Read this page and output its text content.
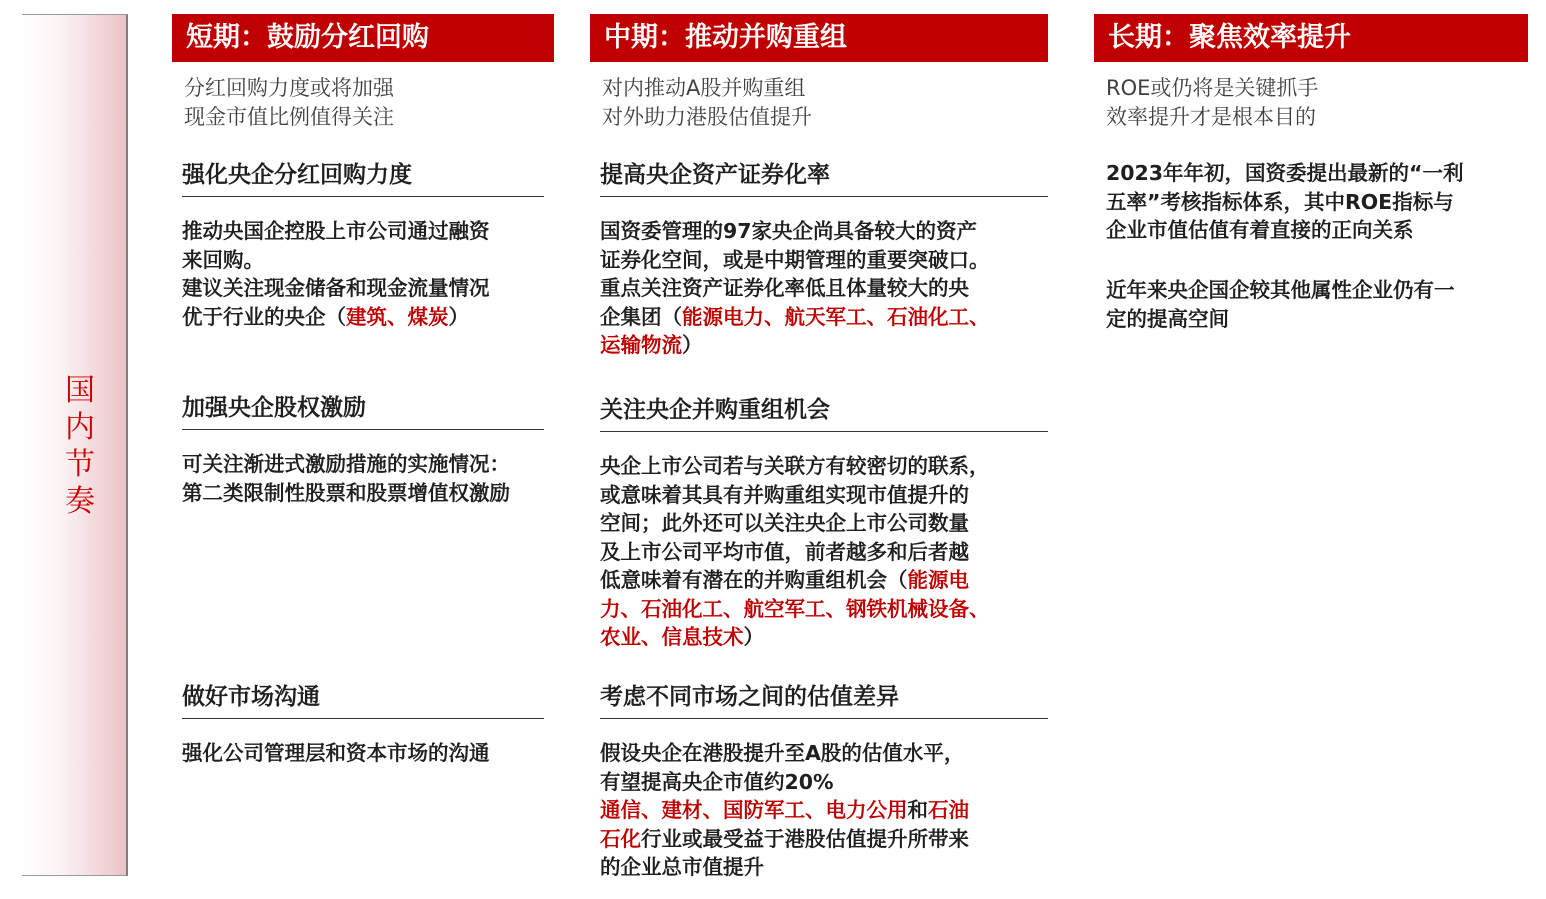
国内节奏
短期：鼓励分红回购
分红回购力度或将加强
现金市值比例值得关注
强化央企分红回购力度
推动央国企控股上市公司通过融资
来回购。
建议关注现金储备和现金流量情况
优于行业的央企（建筑、煤炭）
加强央企股权激励
可关注渐进式激励措施的实施情况：
第二类限制性股票和股票增值权激励
做好市场沟通
强化公司管理层和资本市场的沟通
中期：推动并购重组
对内推动A股并购重组
对外助力港股估值提升
提高央企资产证券化率
国资委管理的97家央企尚具备较大的资产
证券化空间，或是中期管理的重要突破口。
重点关注资产证券化率低且体量较大的央
企集团（能源电力、航天军工、石油化工、
运输物流）
关注央企并购重组机会
央企上市公司若与关联方有较密切的联系，
或意味着其具有并购重组实现市值提升的
空间；此外还可以关注央企上市公司数量
及上市公司平均市值，前者越多和后者越
低意味着有潜在的并购重组机会（能源电
力、石油化工、航空军工、钢铁机械设备、
农业、信息技术）
考虑不同市场之间的估值差异
假设央企在港股提升至A股的估值水平，
有望提高央企市值约20%
通信、建材、国防军工、电力公用和石油
石化行业或最受益于港股估值提升所带来
的企业总市值提升
长期：聚焦效率提升
ROE或仍将是关键抓手
效率提升才是根本目的
2023年年初，国资委提出最新的“一利
五率”考核指标体系，其中ROE指标与
企业市值估值有着直接的正向关系
近年来央企国企较其他属性企业仍有一
定的提高空间
